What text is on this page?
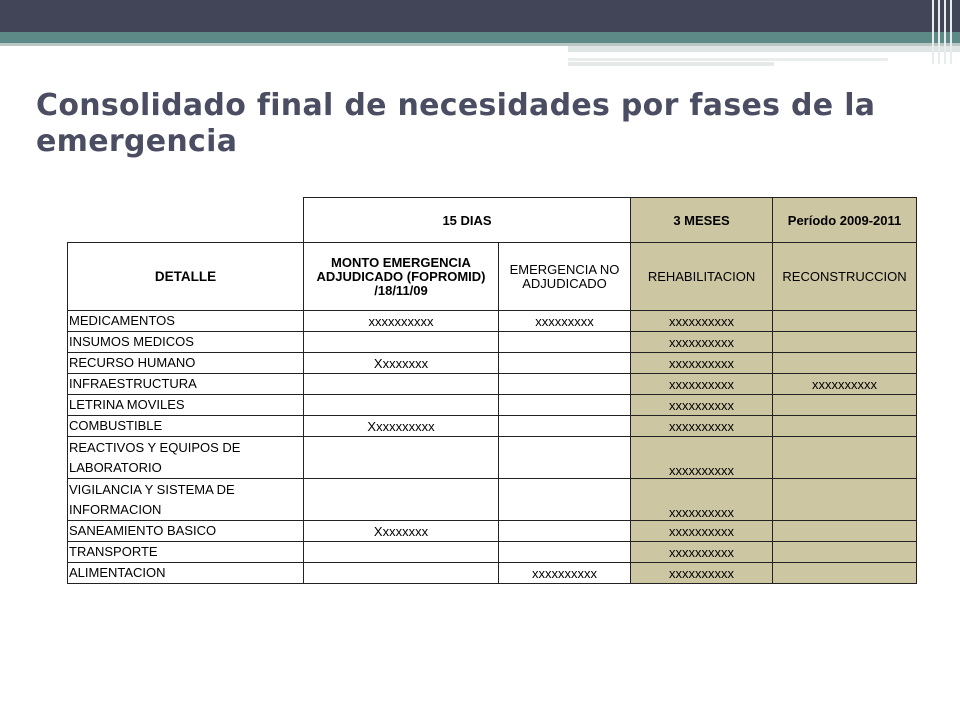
Consolidado final de necesidades por fases de la emergencia
	15 DIAS		3 MESES	Período 2009-2011
DETALLE	MONTO EMERGENCIA ADJUDICADO (FOPROMID) /18/11/09	EMERGENCIA NO ADJUDICADO	REHABILITACION	RECONSTRUCCION
MEDICAMENTOS	xxxxxxxxxx	xxxxxxxxx	xxxxxxxxxx	
INSUMOS MEDICOS			xxxxxxxxxx	
RECURSO HUMANO	Xxxxxxxx		xxxxxxxxxx	
INFRAESTRUCTURA			xxxxxxxxxx	xxxxxxxxxx
LETRINA MOVILES			xxxxxxxxxx	
COMBUSTIBLE	Xxxxxxxxxx		xxxxxxxxxx	
REACTIVOS Y EQUIPOS DE LABORATORIO			xxxxxxxxxx	
VIGILANCIA Y SISTEMA DE INFORMACION			xxxxxxxxxx	
SANEAMIENTO BASICO	Xxxxxxxx		xxxxxxxxxx	
TRANSPORTE			xxxxxxxxxx	
ALIMENTACION		xxxxxxxxxx	xxxxxxxxxx	
